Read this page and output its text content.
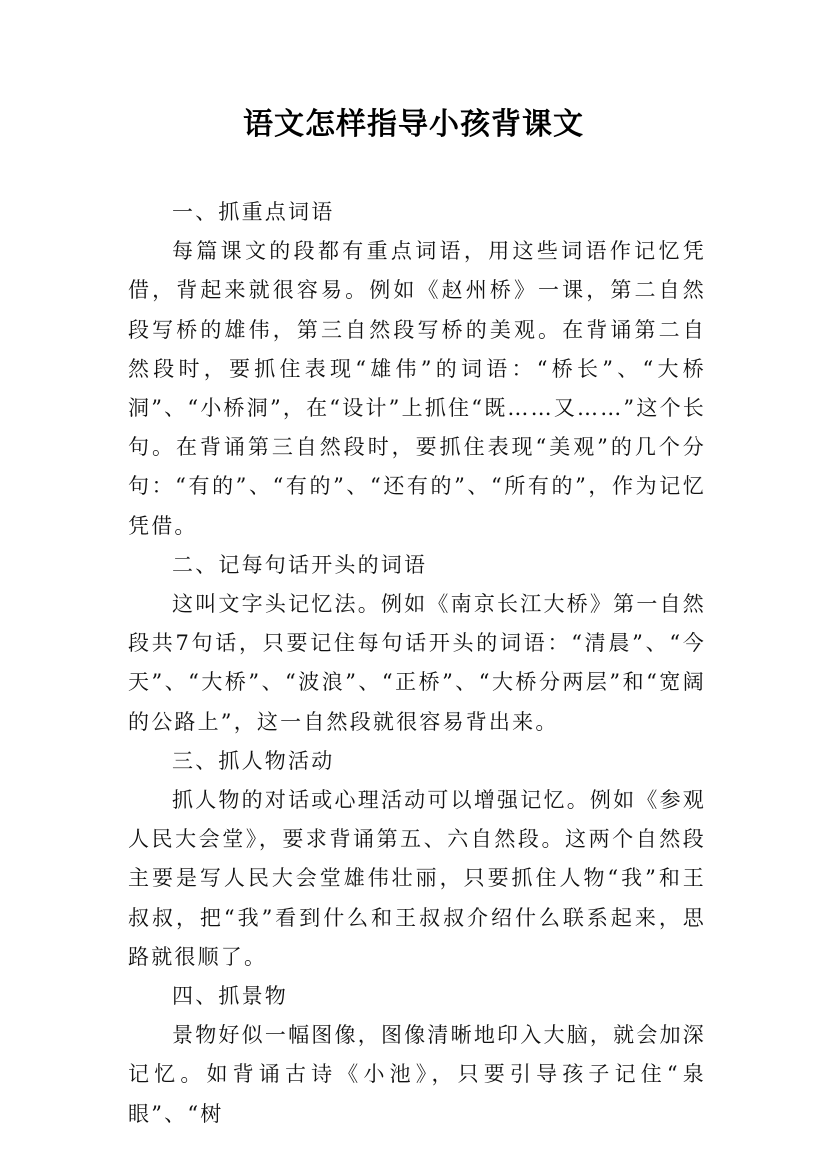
语文怎样指导小孩背课文

一、抓重点词语

每篇课文的段都有重点词语，用这些词语作记忆凭借，背起来就很容易。例如《赵州桥》一课，第二自然段写桥的雄伟，第三自然段写桥的美观。在背诵第二自然段时，要抓住表现“雄伟”的词语：“桥长”、“大桥洞”、“小桥洞”，在“设计”上抓住“既……又……”这个长句。在背诵第三自然段时，要抓住表现“美观”的几个分句：“有的”、“有的”、“还有的”、“所有的”，作为记忆凭借。

二、记每句话开头的词语

这叫文字头记忆法。例如《南京长江大桥》第一自然段共7句话，只要记住每句话开头的词语：“清晨”、“今天”、“大桥”、“波浪”、“正桥”、“大桥分两层”和“宽阔的公路上”，这一自然段就很容易背出来。

三、抓人物活动

抓人物的对话或心理活动可以增强记忆。例如《参观人民大会堂》，要求背诵第五、六自然段。这两个自然段主要是写人民大会堂雄伟壮丽，只要抓住人物“我”和王叔叔，把“我”看到什么和王叔叔介绍什么联系起来，思路就很顺了。

四、抓景物

景物好似一幅图像，图像清晰地印入大脑，就会加深记忆。如背诵古诗《小池》，只要引导孩子记住“泉眼”、“树
